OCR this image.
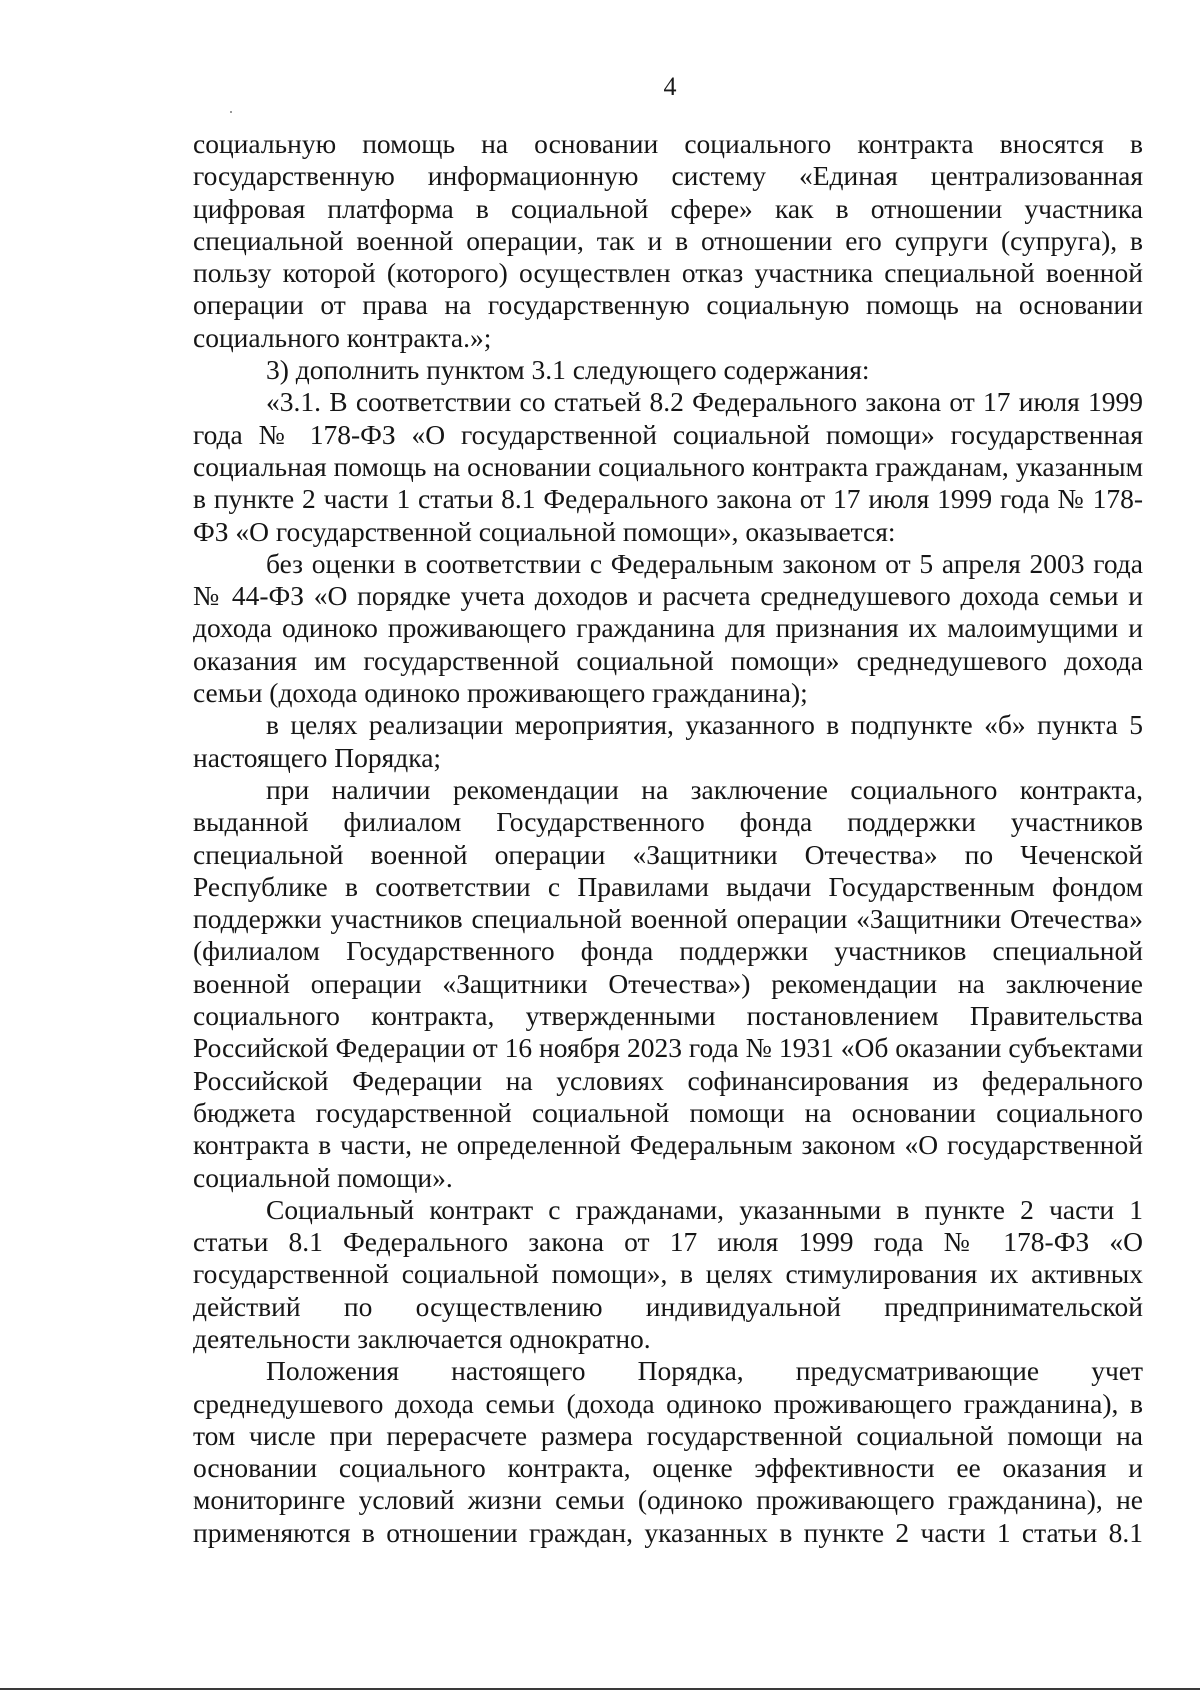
4

социальную помощь на основании социального контракта вносятся в государственную информационную систему «Единая централизованная цифровая платформа в социальной сфере» как в отношении участника специальной военной операции, так и в отношении его супруги (супруга), в пользу которой (которого) осуществлен отказ участника специальной военной операции от права на государственную социальную помощь на основании социального контракта.»;

3) дополнить пунктом 3.1 следующего содержания:

«3.1. В соответствии со статьей 8.2 Федерального закона от 17 июля 1999 года № 178-ФЗ «О государственной социальной помощи» государственная социальная помощь на основании социального контракта гражданам, указанным в пункте 2 части 1 статьи 8.1 Федерального закона от 17 июля 1999 года № 178-ФЗ «О государственной социальной помощи», оказывается:

без оценки в соответствии с Федеральным законом от 5 апреля 2003 года № 44-ФЗ «О порядке учета доходов и расчета среднедушевого дохода семьи и дохода одиноко проживающего гражданина для признания их малоимущими и оказания им государственной социальной помощи» среднедушевого дохода семьи (дохода одиноко проживающего гражданина);

в целях реализации мероприятия, указанного в подпункте «б» пункта 5 настоящего Порядка;

при наличии рекомендации на заключение социального контракта, выданной филиалом Государственного фонда поддержки участников специальной военной операции «Защитники Отечества» по Чеченской Республике в соответствии с Правилами выдачи Государственным фондом поддержки участников специальной военной операции «Защитники Отечества» (филиалом Государственного фонда поддержки участников специальной военной операции «Защитники Отечества») рекомендации на заключение социального контракта, утвержденными постановлением Правительства Российской Федерации от 16 ноября 2023 года № 1931 «Об оказании субъектами Российской Федерации на условиях софинансирования из федерального бюджета государственной социальной помощи на основании социального контракта в части, не определенной Федеральным законом «О государственной социальной помощи».

Социальный контракт с гражданами, указанными в пункте 2 части 1 статьи 8.1 Федерального закона от 17 июля 1999 года № 178-ФЗ «О государственной социальной помощи», в целях стимулирования их активных действий по осуществлению индивидуальной предпринимательской деятельности заключается однократно.

Положения настоящего Порядка, предусматривающие учет среднедушевого дохода семьи (дохода одиноко проживающего гражданина), в том числе при перерасчете размера государственной социальной помощи на основании социального контракта, оценке эффективности ее оказания и мониторинге условий жизни семьи (одиноко проживающего гражданина), не применяются в отношении граждан, указанных в пункте 2 части 1 статьи 8.1
